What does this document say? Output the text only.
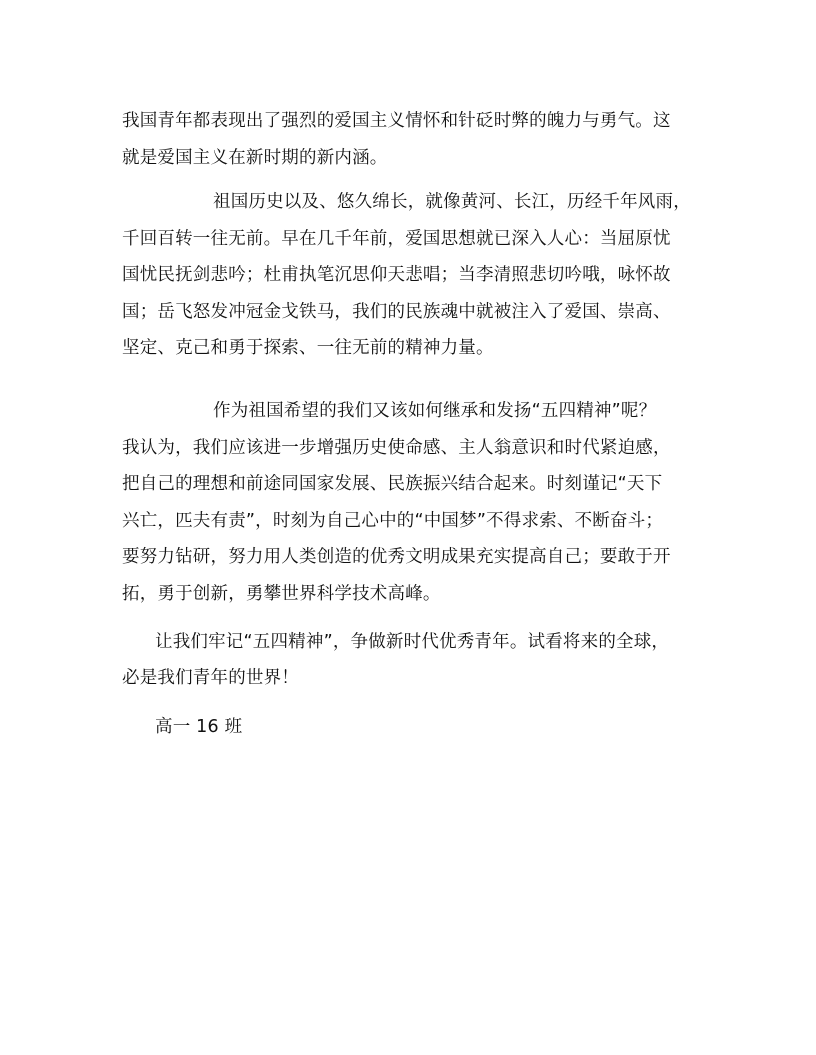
我国青年都表现出了强烈的爱国主义情怀和针砭时弊的魄力与勇气。这
就是爱国主义在新时期的新内涵。
祖国历史以及、悠久绵长，就像黄河、长江，历经千年风雨，
千回百转一往无前。早在几千年前，爱国思想就已深入人心：当屈原忧
国忧民抚剑悲吟；杜甫执笔沉思仰天悲唱；当李清照悲切吟哦，咏怀故
国；岳飞怒发冲冠金戈铁马，我们的民族魂中就被注入了爱国、崇高、
坚定、克己和勇于探索、一往无前的精神力量。
作为祖国希望的我们又该如何继承和发扬“五四精神”呢？
我认为，我们应该进一步增强历史使命感、主人翁意识和时代紧迫感，
把自己的理想和前途同国家发展、民族振兴结合起来。时刻谨记“天下
兴亡，匹夫有责”，时刻为自己心中的“中国梦”不得求索、不断奋斗；
要努力钻研，努力用人类创造的优秀文明成果充实提高自己；要敢于开
拓，勇于创新，勇攀世界科学技术高峰。
让我们牢记“五四精神”，争做新时代优秀青年。试看将来的全球，
必是我们青年的世界！
高一 16 班
